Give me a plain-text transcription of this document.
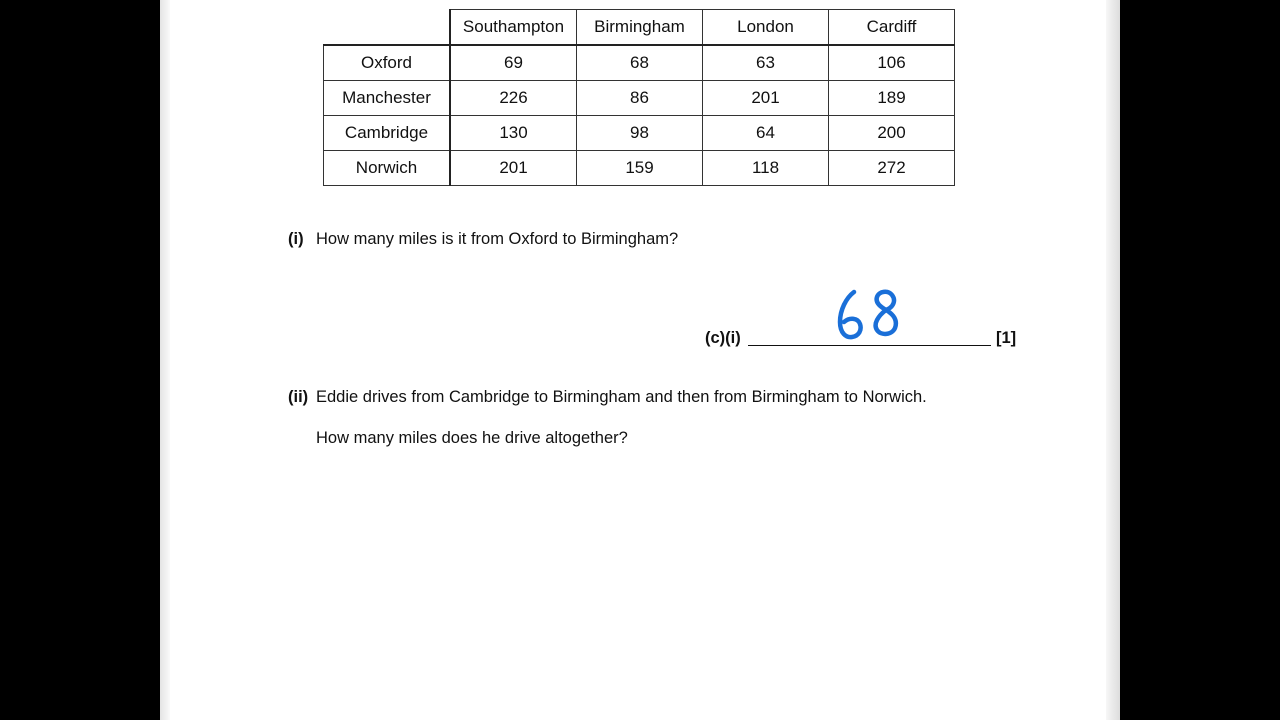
	Southampton	Birmingham	London	Cardiff
Oxford	69	68	63	106
Manchester	226	86	201	189
Cambridge	130	98	64	200
Norwich	201	159	118	272
(i) How many miles is it from Oxford to Birmingham?
(c)(i)	[1]
(ii) Eddie drives from Cambridge to Birmingham and then from Birmingham to Norwich.
How many miles does he drive altogether?
